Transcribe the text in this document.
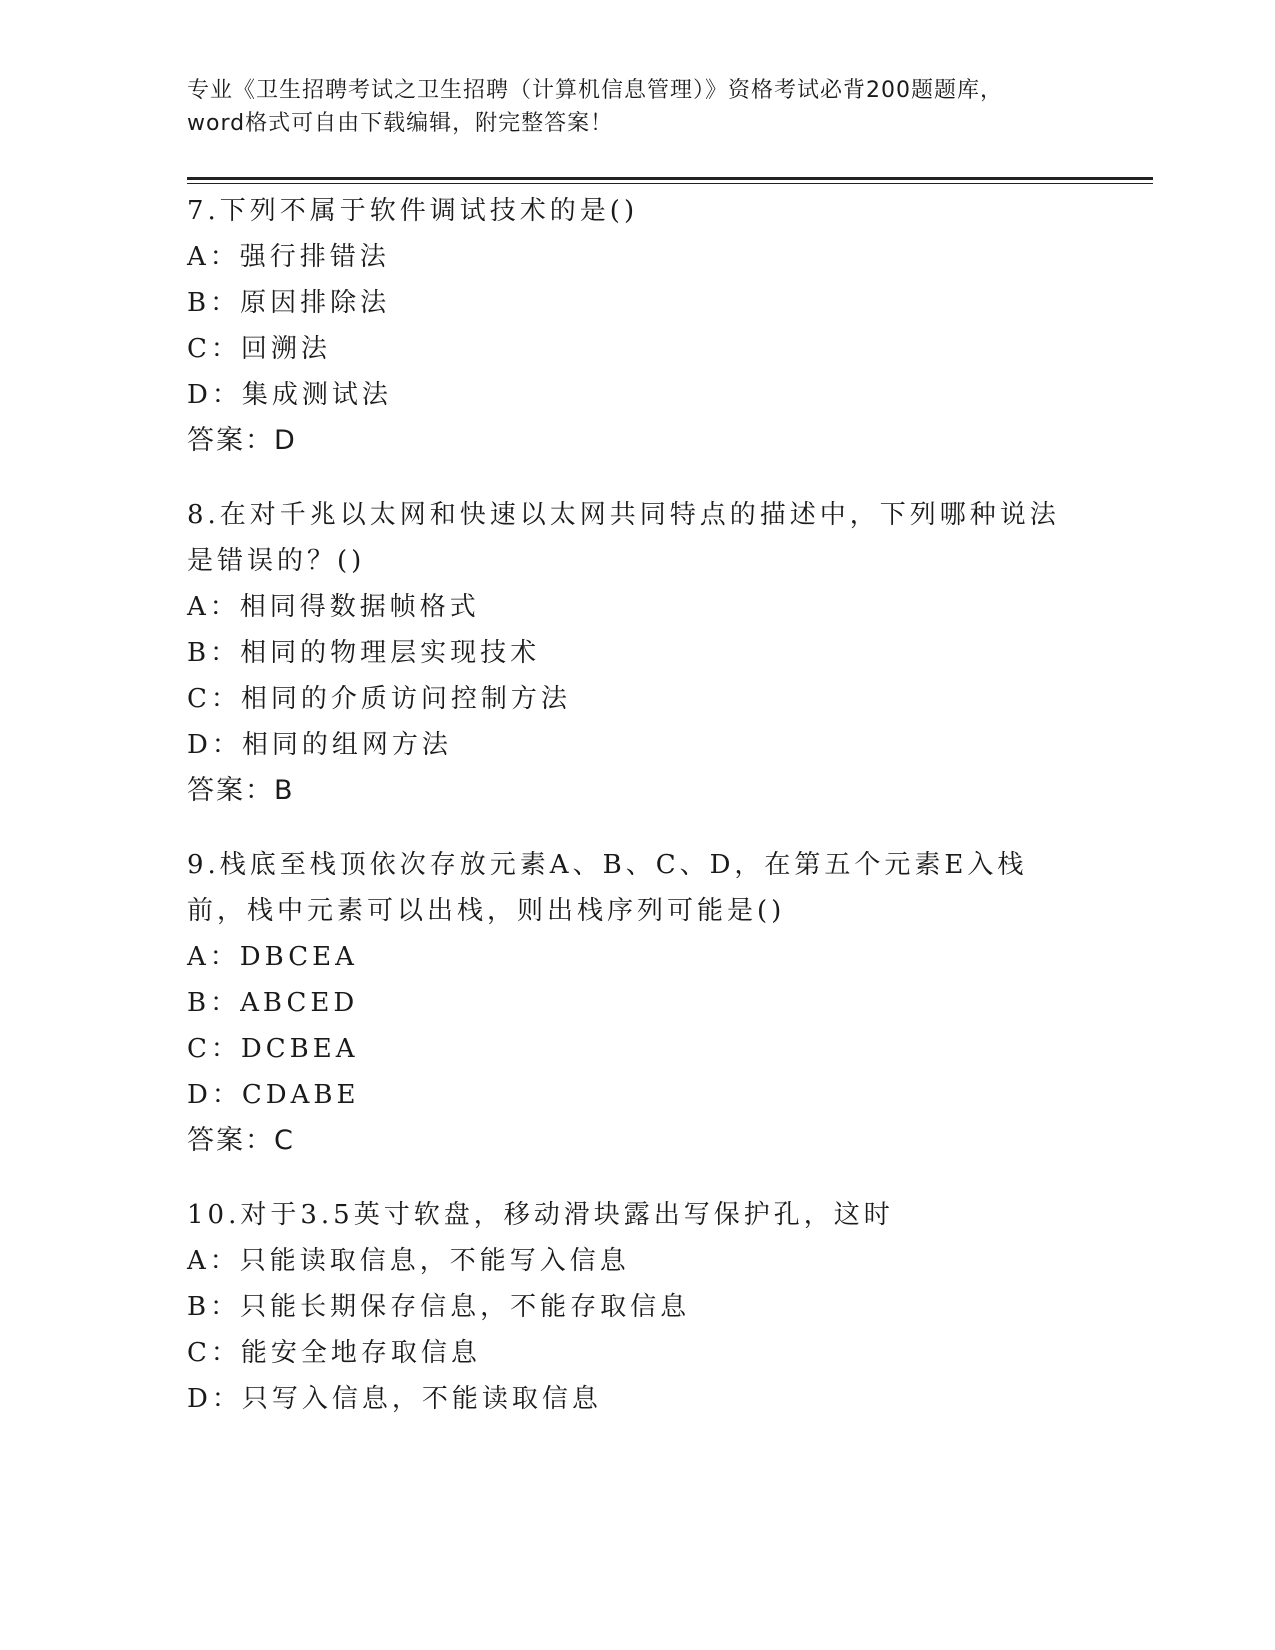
专业《卫生招聘考试之卫生招聘（计算机信息管理）》资格考试必背200题题库，
word格式可自由下载编辑，附完整答案！
7.下列不属于软件调试技术的是()
A：强行排错法
B：原因排除法
C：回溯法
D：集成测试法
答案：D
8.在对千兆以太网和快速以太网共同特点的描述中，下列哪种说法是错误的？()
A：相同得数据帧格式
B：相同的物理层实现技术
C：相同的介质访问控制方法
D：相同的组网方法
答案：B
9.栈底至栈顶依次存放元素A、B、C、D，在第五个元素E入栈前，栈中元素可以出栈，则出栈序列可能是()
A：DBCEA
B：ABCED
C：DCBEA
D：CDABE
答案：C
10.对于3.5英寸软盘，移动滑块露出写保护孔，这时
A：只能读取信息，不能写入信息
B：只能长期保存信息，不能存取信息
C：能安全地存取信息
D：只写入信息，不能读取信息
